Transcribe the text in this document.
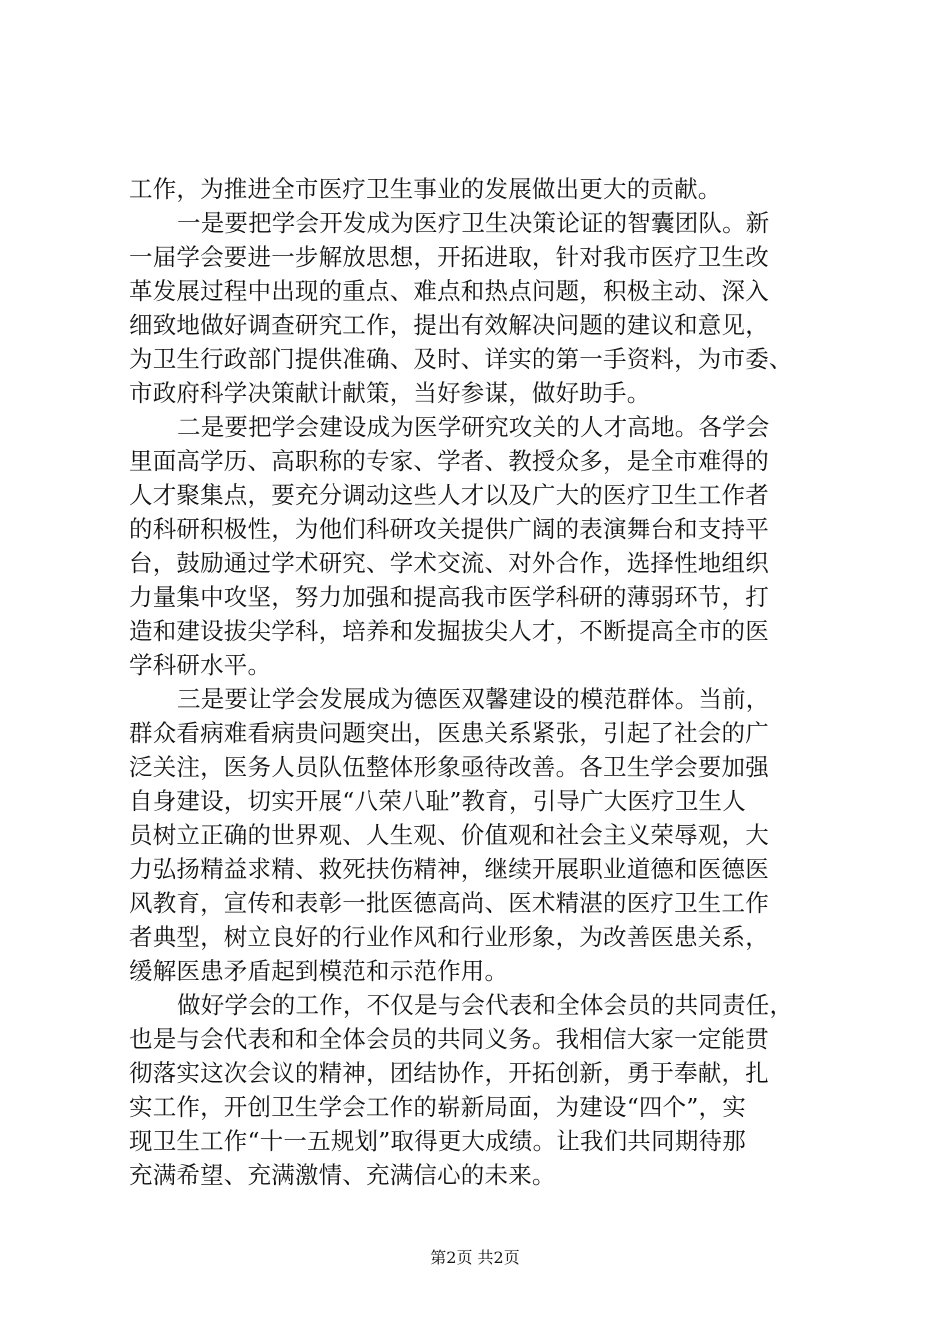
工作，为推进全市医疗卫生事业的发展做出更大的贡献。
一是要把学会开发成为医疗卫生决策论证的智囊团队。新
一届学会要进一步解放思想，开拓进取，针对我市医疗卫生改
革发展过程中出现的重点、难点和热点问题，积极主动、深入
细致地做好调查研究工作，提出有效解决问题的建议和意见，
为卫生行政部门提供准确、及时、详实的第一手资料，为市委、
市政府科学决策献计献策，当好参谋，做好助手。
二是要把学会建设成为医学研究攻关的人才高地。各学会
里面高学历、高职称的专家、学者、教授众多，是全市难得的
人才聚集点，要充分调动这些人才以及广大的医疗卫生工作者
的科研积极性，为他们科研攻关提供广阔的表演舞台和支持平
台，鼓励通过学术研究、学术交流、对外合作，选择性地组织
力量集中攻坚，努力加强和提高我市医学科研的薄弱环节，打
造和建设拔尖学科，培养和发掘拔尖人才，不断提高全市的医
学科研水平。
三是要让学会发展成为德医双馨建设的模范群体。当前，
群众看病难看病贵问题突出，医患关系紧张，引起了社会的广
泛关注，医务人员队伍整体形象亟待改善。各卫生学会要加强
自身建设，切实开展“八荣八耻”教育，引导广大医疗卫生人
员树立正确的世界观、人生观、价值观和社会主义荣辱观，大
力弘扬精益求精、救死扶伤精神，继续开展职业道德和医德医
风教育，宣传和表彰一批医德高尚、医术精湛的医疗卫生工作
者典型，树立良好的行业作风和行业形象，为改善医患关系，
缓解医患矛盾起到模范和示范作用。
做好学会的工作，不仅是与会代表和全体会员的共同责任，
也是与会代表和和全体会员的共同义务。我相信大家一定能贯
彻落实这次会议的精神，团结协作，开拓创新，勇于奉献，扎
实工作，开创卫生学会工作的崭新局面，为建设“四个”，实
现卫生工作“十一五规划”取得更大成绩。让我们共同期待那
充满希望、充满激情、充满信心的未来。
第2页 共2页
